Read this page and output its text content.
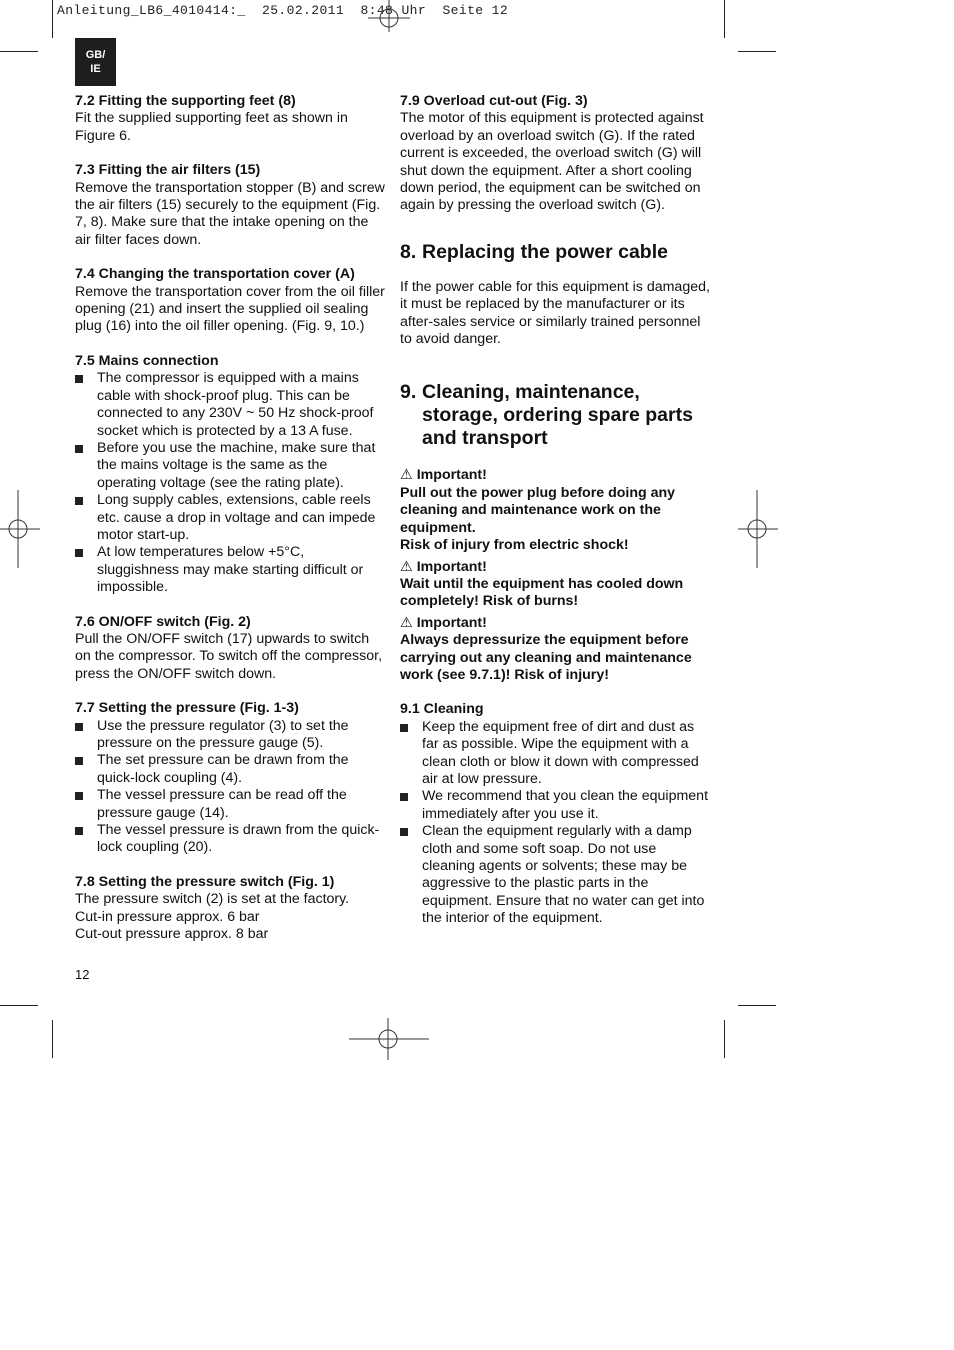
Anleitung_LB6_4010414:_  25.02.2011  8:48 Uhr  Seite 12
GB/
IE
7.2 Fitting the supporting feet (8)

Fit the supplied supporting feet as shown in Figure 6.

7.3 Fitting the air filters (15)

Remove the transportation stopper (B) and screw the air filters (15) securely to the equipment (Fig. 7, 8). Make sure that the intake opening on the air filter faces down.

7.4 Changing the transportation cover (A)

Remove the transportation cover from the oil filler opening (21) and insert the supplied oil sealing plug (16) into the oil filler opening. (Fig. 9, 10.)

7.5 Mains connection
The compressor is equipped with a mains cable with shock-proof plug. This can be connected to any 230V ~ 50 Hz shock-proof socket which is protected by a 13 A fuse.
Before you use the machine, make sure that the mains voltage is the same as the operating voltage (see the rating plate).
Long supply cables, extensions, cable reels etc. cause a drop in voltage and can impede motor start-up.
At low temperatures below +5°C, sluggishness may make starting difficult or impossible.
7.6 ON/OFF switch (Fig. 2)

Pull the ON/OFF switch (17) upwards to switch on the compressor. To switch off the compressor, press the ON/OFF switch down.

7.7 Setting the pressure (Fig. 1-3)
Use the pressure regulator (3) to set the pressure on the pressure gauge (5).
The set pressure can be drawn from the quick-lock coupling (4).
The vessel pressure can be read off the pressure gauge (14).
The vessel pressure is drawn from the quick-lock coupling (20).
7.8 Setting the pressure switch (Fig. 1)

The pressure switch (2) is set at the factory.

Cut-in pressure approx. 6 bar

Cut-out pressure approx. 8 bar

7.9 Overload cut-out (Fig. 3)

The motor of this equipment is protected against overload by an overload switch (G). If the rated current is exceeded, the overload switch (G) will shut down the equipment. After a short cooling down period, the equipment can be switched on again by pressing the overload switch (G).

8. Replacing the power cable

If the power cable for this equipment is damaged, it must be replaced by the manufacturer or its after-sales service or similarly trained personnel to avoid danger.

9. Cleaning, maintenance, storage, ordering spare parts and transport
⚠ Important!

Pull out the power plug before doing any cleaning and maintenance work on the equipment.

Risk of injury from electric shock!

⚠ Important!

Wait until the equipment has cooled down completely! Risk of burns!

⚠ Important!

Always depressurize the equipment before carrying out any cleaning and maintenance work (see 9.7.1)! Risk of injury!

9.1 Cleaning
Keep the equipment free of dirt and dust as far as possible. Wipe the equipment with a clean cloth or blow it down with compressed air at low pressure.
We recommend that you clean the equipment immediately after you use it.
Clean the equipment regularly with a damp cloth and some soft soap. Do not use cleaning agents or solvents; these may be aggressive to the plastic parts in the equipment. Ensure that no water can get into the interior of the equipment.
12
